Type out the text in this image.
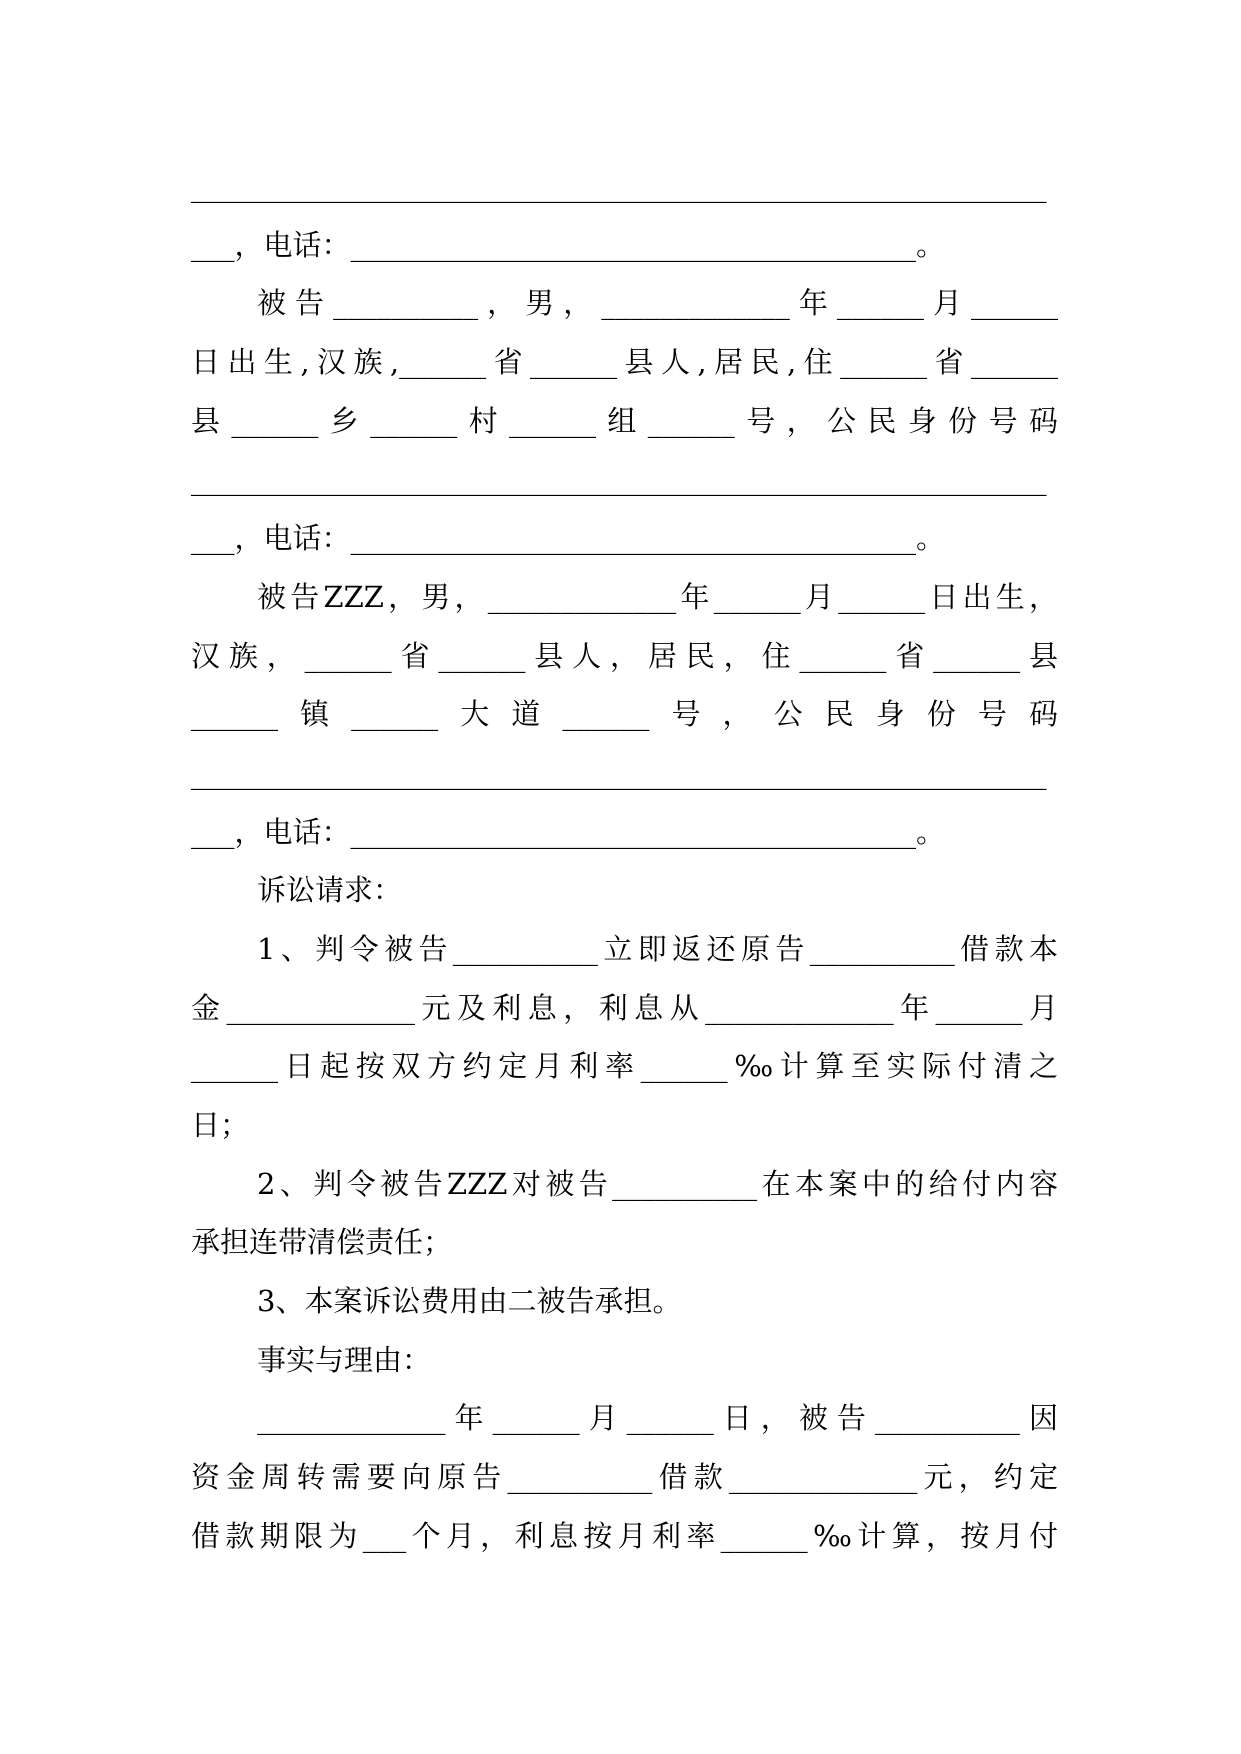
___________________________________________________________
___，电话：_______________________________________。
被告__________，男，_____________年______月______
日出生,汉族,______省______县人,居民,住______省______
县______乡______村______组______号，公民身份号码
___________________________________________________________
___，电话：_______________________________________。
被告ZZZ，男，_____________年______月______日出生，
汉族，______省______县人，居民，住______省______县
______镇______大道______号，公民身份号码
___________________________________________________________
___，电话：_______________________________________。
诉讼请求：
1、判令被告__________立即返还原告__________借款本
金_____________元及利息，利息从_____________年______月
______日起按双方约定月利率______‰计算至实际付清之
日；
2、判令被告ZZZ对被告__________在本案中的给付内容
承担连带清偿责任；
3、本案诉讼费用由二被告承担。
事实与理由：
_____________年______月______日，被告__________因
资金周转需要向原告__________借款_____________元，约定
借款期限为___个月，利息按月利率______‰计算，按月付
